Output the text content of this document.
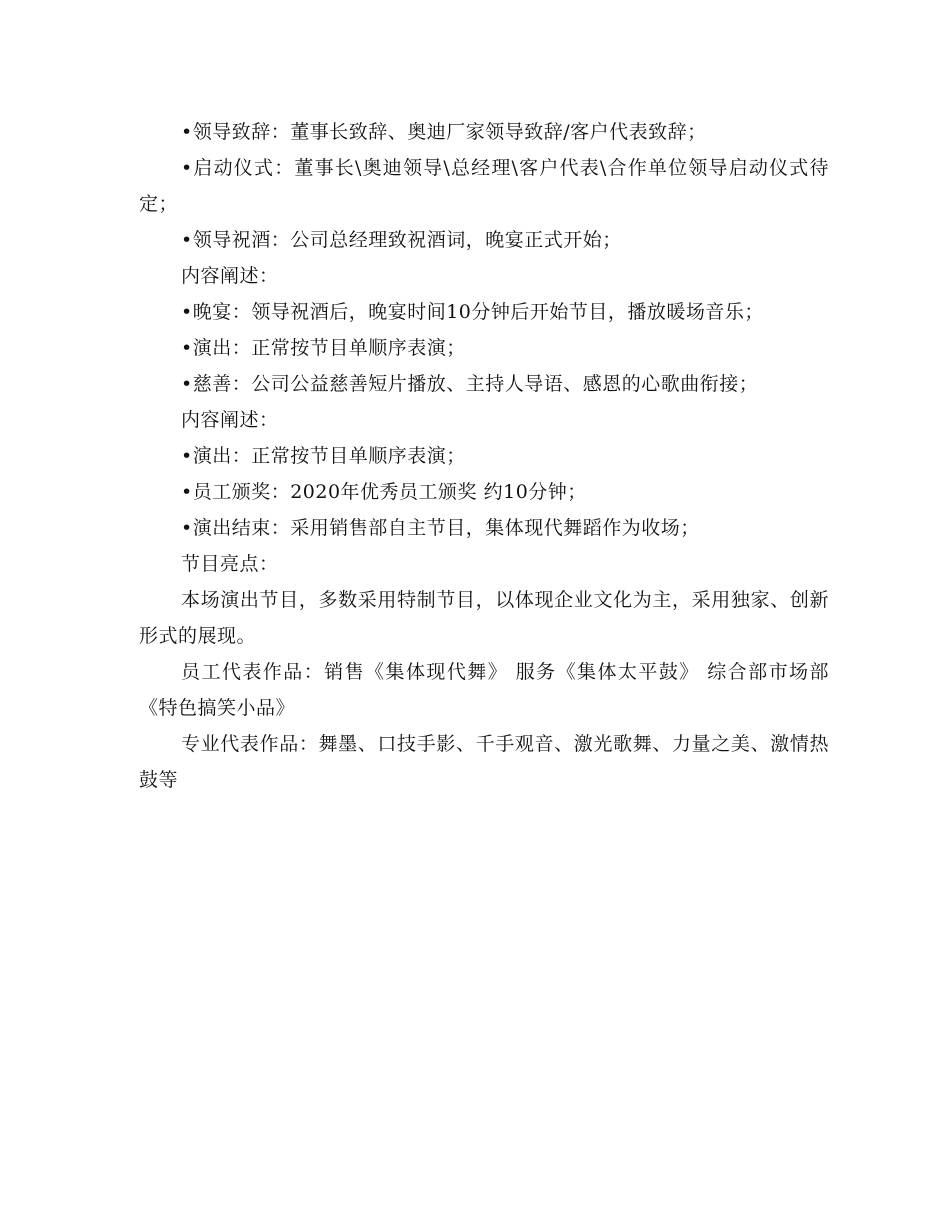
•领导致辞：董事长致辞、奥迪厂家领导致辞/客户代表致辞；

•启动仪式：董事长\奥迪领导\总经理\客户代表\合作单位领导启动仪式待定；

•领导祝酒：公司总经理致祝酒词，晚宴正式开始；

内容阐述：

•晚宴：领导祝酒后，晚宴时间10分钟后开始节目，播放暖场音乐；

•演出：正常按节目单顺序表演；

•慈善：公司公益慈善短片播放、主持人导语、感恩的心歌曲衔接；

内容阐述：

•演出：正常按节目单顺序表演；

•员工颁奖：2020年优秀员工颁奖 约10分钟；

•演出结束：采用销售部自主节目，集体现代舞蹈作为收场；

节目亮点：

本场演出节目，多数采用特制节目，以体现企业文化为主，采用独家、创新形式的展现。

员工代表作品：销售《集体现代舞》 服务《集体太平鼓》 综合部市场部 《特色搞笑小品》

专业代表作品：舞墨、口技手影、千手观音、激光歌舞、力量之美、激情热鼓等
